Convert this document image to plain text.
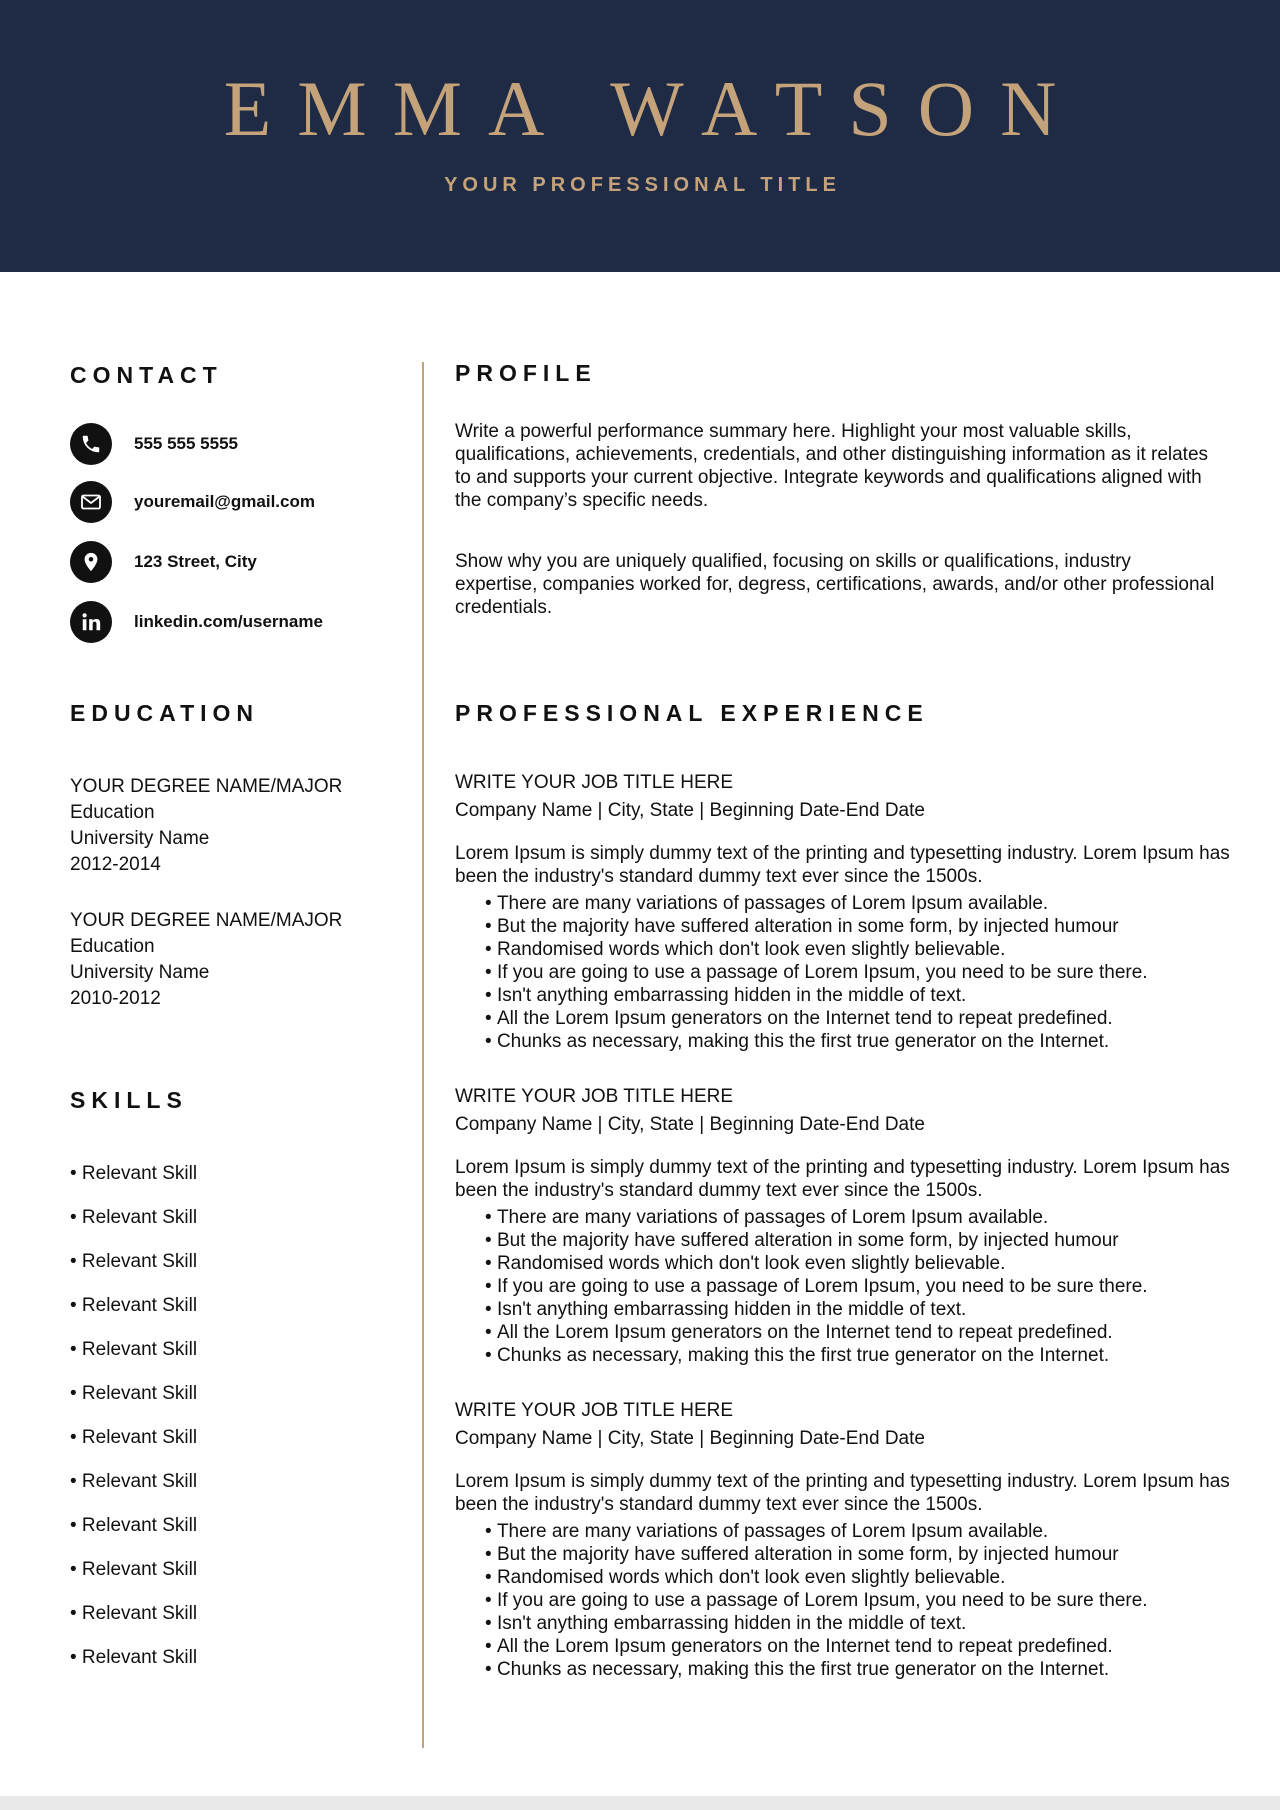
EMMA WATSON
YOUR PROFESSIONAL TITLE
CONTACT
555 555 5555
youremail@gmail.com
123 Street, City
linkedin.com/username
EDUCATION
YOUR DEGREE NAME/MAJOR
Education
University Name
2012-2014
YOUR DEGREE NAME/MAJOR
Education
University Name
2010-2012
SKILLS
• Relevant Skill
• Relevant Skill
• Relevant Skill
• Relevant Skill
• Relevant Skill
• Relevant Skill
• Relevant Skill
• Relevant Skill
• Relevant Skill
• Relevant Skill
• Relevant Skill
• Relevant Skill
PROFILE

Write a powerful performance summary here. Highlight your most valuable skills, qualifications, achievements, credentials, and other distinguishing information as it relates to and supports your current objective. Integrate keywords and qualifications aligned with the company’s specific needs.

Show why you are uniquely qualified, focusing on skills or qualifications, industry expertise, companies worked for, degress, certifications, awards, and/or other professional credentials.

PROFESSIONAL EXPERIENCE
WRITE YOUR JOB TITLE HERE
Company Name | City, State | Beginning Date-End Date
Lorem Ipsum is simply dummy text of the printing and typesetting industry. Lorem Ipsum has been the industry's standard dummy text ever since the 1500s.
• There are many variations of passages of Lorem Ipsum available.
• But the majority have suffered alteration in some form, by injected humour
• Randomised words which don't look even slightly believable.
• If you are going to use a passage of Lorem Ipsum, you need to be sure there.
• Isn't anything embarrassing hidden in the middle of text.
• All the Lorem Ipsum generators on the Internet tend to repeat predefined.
• Chunks as necessary, making this the first true generator on the Internet.
WRITE YOUR JOB TITLE HERE
Company Name | City, State | Beginning Date-End Date
Lorem Ipsum is simply dummy text of the printing and typesetting industry. Lorem Ipsum has been the industry's standard dummy text ever since the 1500s.
• There are many variations of passages of Lorem Ipsum available.
• But the majority have suffered alteration in some form, by injected humour
• Randomised words which don't look even slightly believable.
• If you are going to use a passage of Lorem Ipsum, you need to be sure there.
• Isn't anything embarrassing hidden in the middle of text.
• All the Lorem Ipsum generators on the Internet tend to repeat predefined.
• Chunks as necessary, making this the first true generator on the Internet.
WRITE YOUR JOB TITLE HERE
Company Name | City, State | Beginning Date-End Date
Lorem Ipsum is simply dummy text of the printing and typesetting industry. Lorem Ipsum has been the industry's standard dummy text ever since the 1500s.
• There are many variations of passages of Lorem Ipsum available.
• But the majority have suffered alteration in some form, by injected humour
• Randomised words which don't look even slightly believable.
• If you are going to use a passage of Lorem Ipsum, you need to be sure there.
• Isn't anything embarrassing hidden in the middle of text.
• All the Lorem Ipsum generators on the Internet tend to repeat predefined.
• Chunks as necessary, making this the first true generator on the Internet.
